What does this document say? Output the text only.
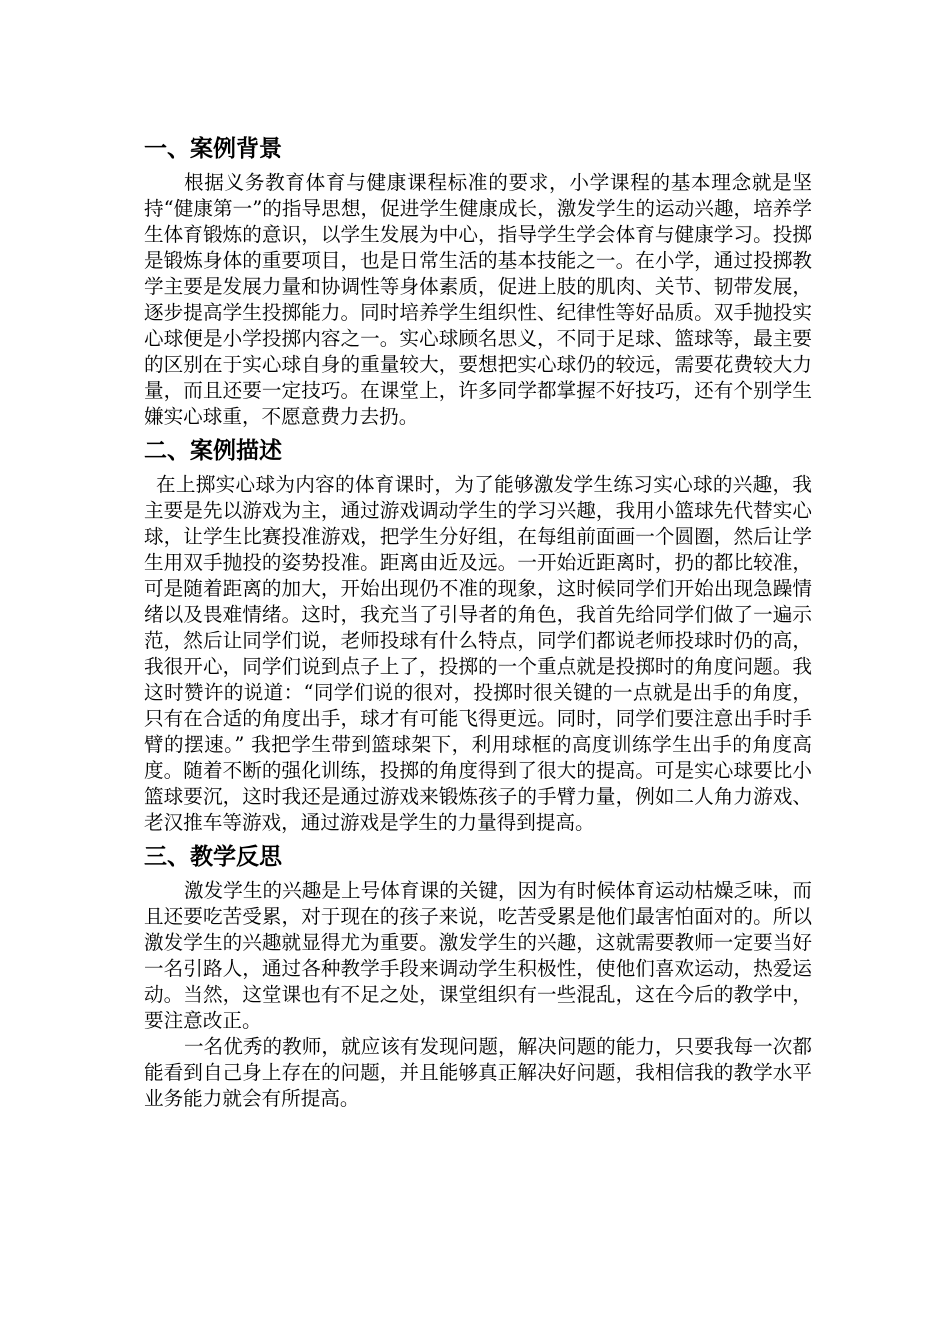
一、案例背景

根据义务教育体育与健康课程标准的要求，小学课程的基本理念就是坚持“健康第一”的指导思想，促进学生健康成长，激发学生的运动兴趣，培养学生体育锻炼的意识，以学生发展为中心，指导学生学会体育与健康学习。投掷是锻炼身体的重要项目，也是日常生活的基本技能之一。在小学，通过投掷教学主要是发展力量和协调性等身体素质，促进上肢的肌肉、关节、韧带发展，逐步提高学生投掷能力。同时培养学生组织性、纪律性等好品质。双手抛投实心球便是小学投掷内容之一。实心球顾名思义，不同于足球、篮球等，最主要的区别在于实心球自身的重量较大，要想把实心球仍的较远，需要花费较大力量，而且还要一定技巧。在课堂上，许多同学都掌握不好技巧，还有个别学生嫌实心球重，不愿意费力去扔。

二、案例描述

在上掷实心球为内容的体育课时，为了能够激发学生练习实心球的兴趣，我主要是先以游戏为主，通过游戏调动学生的学习兴趣，我用小篮球先代替实心球，让学生比赛投准游戏，把学生分好组，在每组前面画一个圆圈，然后让学生用双手抛投的姿势投准。距离由近及远。一开始近距离时，扔的都比较准，可是随着距离的加大，开始出现仍不准的现象，这时候同学们开始出现急躁情绪以及畏难情绪。这时，我充当了引导者的角色，我首先给同学们做了一遍示范，然后让同学们说，老师投球有什么特点，同学们都说老师投球时仍的高，我很开心，同学们说到点子上了，投掷的一个重点就是投掷时的角度问题。我这时赞许的说道：“同学们说的很对，投掷时很关键的一点就是出手的角度，只有在合适的角度出手，球才有可能飞得更远。同时，同学们要注意出手时手臂的摆速。” 我把学生带到篮球架下，利用球框的高度训练学生出手的角度高度。随着不断的强化训练，投掷的角度得到了很大的提高。可是实心球要比小篮球要沉，这时我还是通过游戏来锻炼孩子的手臂力量，例如二人角力游戏、老汉推车等游戏，通过游戏是学生的力量得到提高。

三、教学反思

激发学生的兴趣是上号体育课的关键，因为有时候体育运动枯燥乏味，而且还要吃苦受累，对于现在的孩子来说，吃苦受累是他们最害怕面对的。所以激发学生的兴趣就显得尤为重要。激发学生的兴趣，这就需要教师一定要当好一名引路人，通过各种教学手段来调动学生积极性，使他们喜欢运动，热爱运动。当然，这堂课也有不足之处，课堂组织有一些混乱，这在今后的教学中，要注意改正。

一名优秀的教师，就应该有发现问题，解决问题的能力，只要我每一次都能看到自己身上存在的问题，并且能够真正解决好问题，我相信我的教学水平业务能力就会有所提高。
